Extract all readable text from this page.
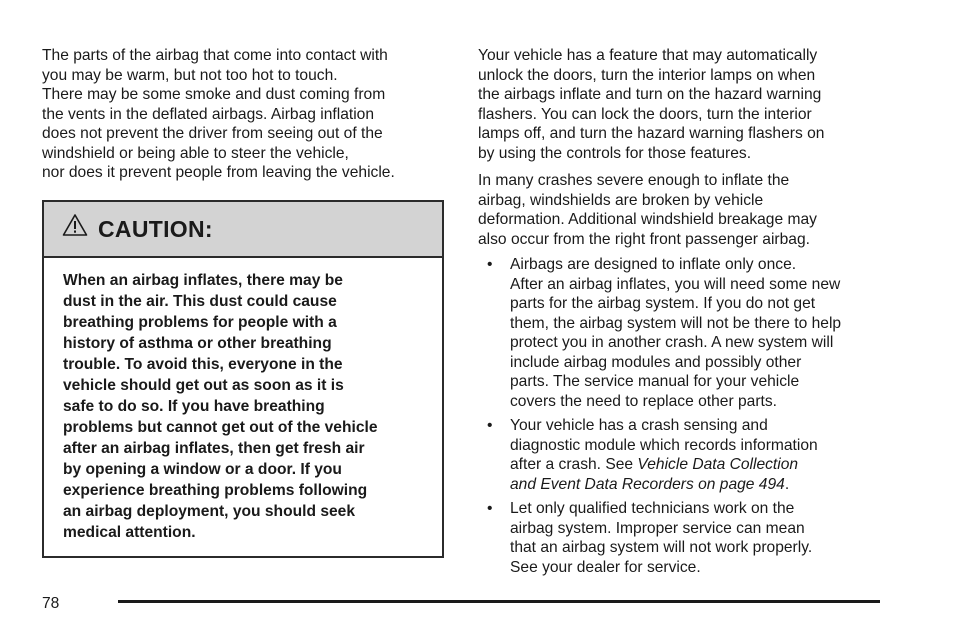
The parts of the airbag that come into contact with
you may be warm, but not too hot to touch.
There may be some smoke and dust coming from
the vents in the deflated airbags. Airbag inflation
does not prevent the driver from seeing out of the
windshield or being able to steer the vehicle,
nor does it prevent people from leaving the vehicle.

CAUTION:
When an airbag inflates, there may be
dust in the air. This dust could cause
breathing problems for people with a
history of asthma or other breathing
trouble. To avoid this, everyone in the
vehicle should get out as soon as it is
safe to do so. If you have breathing
problems but cannot get out of the vehicle
after an airbag inflates, then get fresh air
by opening a window or a door. If you
experience breathing problems following
an airbag deployment, you should seek
medical attention.

Your vehicle has a feature that may automatically
unlock the doors, turn the interior lamps on when
the airbags inflate and turn on the hazard warning
flashers. You can lock the doors, turn the interior
lamps off, and turn the hazard warning flashers on
by using the controls for those features.

In many crashes severe enough to inflate the
airbag, windshields are broken by vehicle
deformation. Additional windshield breakage may
also occur from the right front passenger airbag.

• Airbags are designed to inflate only once.
After an airbag inflates, you will need some new
parts for the airbag system. If you do not get
them, the airbag system will not be there to help
protect you in another crash. A new system will
include airbag modules and possibly other
parts. The service manual for your vehicle
covers the need to replace other parts.

• Your vehicle has a crash sensing and
diagnostic module which records information
after a crash. See Vehicle Data Collection
and Event Data Recorders on page 494.

• Let only qualified technicians work on the
airbag system. Improper service can mean
that an airbag system will not work properly.
See your dealer for service.

78
